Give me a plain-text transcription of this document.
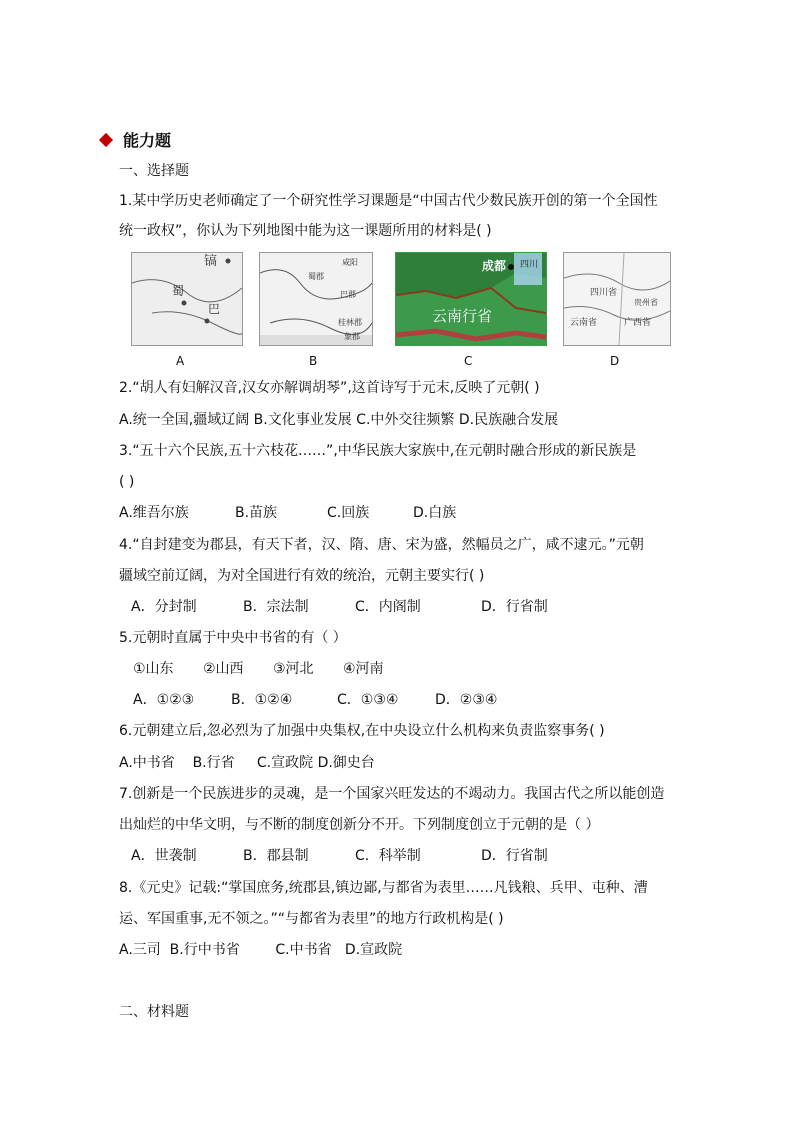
能力题
一、选择题
1.某中学历史老师确定了一个研究性学习课题是“中国古代少数民族开创的第一个全国性
统一政权”，你认为下列地图中能为这一课题所用的材料是( )
镐
蜀
巴
A
咸阳
蜀郡
巴郡
桂林郡
象郡
B
成都 四川
云南行省
C
四川省
贵州省
云南省	广西省
D
2.“胡人有妇解汉音,汉女亦解调胡琴”,这首诗写于元末,反映了元朝( )
A.统一全国,疆域辽阔 B.文化事业发展 C.中外交往频繁 D.民族融合发展
3.“五十六个民族,五十六枝花……”,中华民族大家族中,在元朝时融合形成的新民族是
( )
A.维吾尔族	B.苗族	C.回族	D.白族
4.“自封建变为郡县，有天下者，汉、隋、唐、宋为盛，然幅员之广，咸不逮元。”元朝
疆域空前辽阔，为对全国进行有效的统治，元朝主要实行( )
A．分封制	B．宗法制	C．内阁制	D．行省制
5.元朝时直属于中央中书省的有（ ）
①山东 ②山西 ③河北 ④河南
A．①②③	B．①②④	C．①③④	D．②③④
6.元朝建立后,忽必烈为了加强中央集权,在中央设立什么机构来负责监察事务( )
A.中书省    B.行省     C.宣政院 D.御史台
7.创新是一个民族进步的灵魂，是一个国家兴旺发达的不竭动力。我国古代之所以能创造
出灿烂的中华文明，与不断的制度创新分不开。下列制度创立于元朝的是（ ）
A．世袭制	B．郡县制	C．科举制	D．行省制
8.《元史》记载:“掌国庶务,统郡县,镇边鄙,与都省为表里……凡钱粮、兵甲、屯种、漕
运、军国重事,无不领之。”“与都省为表里”的地方行政机构是( )
A.三司  B.行中书省        C.中书省   D.宣政院
二、材料题
